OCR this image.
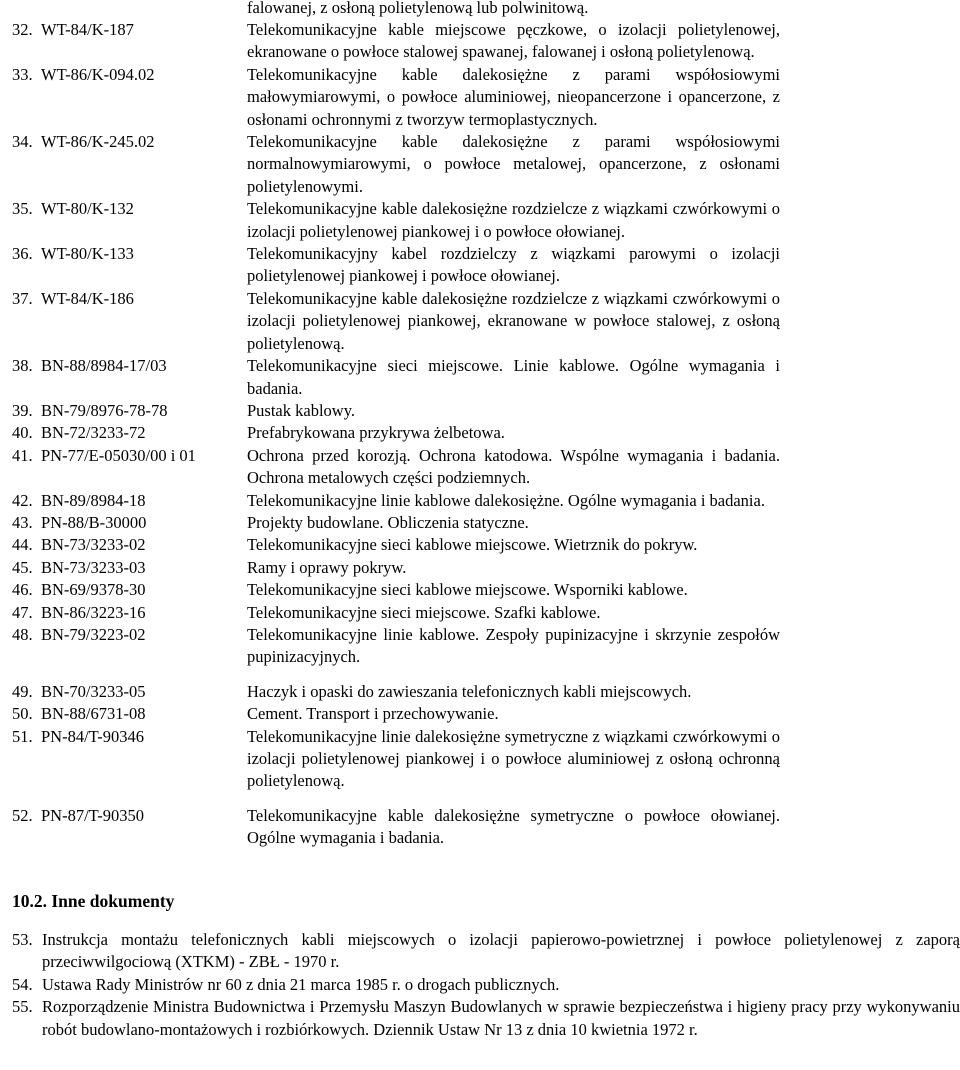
falowanej, z osłoną polietylenową lub polwinitową.
32. WT-84/K-187	Telekomunikacyjne kable miejscowe pęczkowe, o izolacji polietylenowej, ekranowane o powłoce stalowej spawanej, falowanej i osłoną polietylenową.
33. WT-86/K-094.02	Telekomunikacyjne kable dalekosiężne z parami współosiowymi małowymiarowymi, o powłoce aluminiowej, nieopancerzone i opancerzone, z osłonami ochronnymi z tworzyw termoplastycznych.
34. WT-86/K-245.02	Telekomunikacyjne kable dalekosiężne z parami współosiowymi normalnowymiarowymi, o powłoce metalowej, opancerzone, z osłonami polietylenowymi.
35. WT-80/K-132	Telekomunikacyjne kable dalekosiężne rozdzielcze z wiązkami czwórkowymi o izolacji polietylenowej piankowej i o powłoce ołowianej.
36. WT-80/K-133	Telekomunikacyjny kabel rozdzielczy z wiązkami parowymi o izolacji polietylenowej piankowej i powłoce ołowianej.
37. WT-84/K-186	Telekomunikacyjne kable dalekosiężne rozdzielcze z wiązkami czwórkowymi o izolacji polietylenowej piankowej, ekranowane w powłoce stalowej, z osłoną polietylenową.
38. BN-88/8984-17/03	Telekomunikacyjne sieci miejscowe. Linie kablowe. Ogólne wymagania i badania.
39. BN-79/8976-78-78	Pustak kablowy.
40. BN-72/3233-72	Prefabrykowana przykrywa żelbetowa.
41. PN-77/E-05030/00 i 01	Ochrona przed korozją. Ochrona katodowa. Wspólne wymagania i badania. Ochrona metalowych części podziemnych.
42. BN-89/8984-18	Telekomunikacyjne linie kablowe dalekosiężne. Ogólne wymagania i badania.
43. PN-88/B-30000	Projekty budowlane. Obliczenia statyczne.
44. BN-73/3233-02	Telekomunikacyjne sieci kablowe miejscowe. Wietrznik do pokryw.
45. BN-73/3233-03	Ramy i oprawy pokryw.
46. BN-69/9378-30	Telekomunikacyjne sieci kablowe miejscowe. Wsporniki kablowe.
47. BN-86/3223-16	Telekomunikacyjne sieci miejscowe. Szafki kablowe.
48. BN-79/3223-02	Telekomunikacyjne linie kablowe. Zespoły pupinizacyjne i skrzynie zespołów pupinizacyjnych.
49. BN-70/3233-05	Haczyk i opaski do zawieszania telefonicznych kabli miejscowych.
50. BN-88/6731-08	Cement. Transport i przechowywanie.
51. PN-84/T-90346	Telekomunikacyjne linie dalekosiężne symetryczne z wiązkami czwórkowymi o izolacji polietylenowej piankowej i o powłoce aluminiowej z osłoną ochronną polietylenową.
52. PN-87/T-90350	Telekomunikacyjne kable dalekosiężne symetryczne o powłoce ołowianej. Ogólne wymagania i badania.
10.2. Inne dokumenty
53. Instrukcja montażu telefonicznych kabli miejscowych o izolacji papierowo-powietrznej i powłoce polietylenowej z zaporą przeciwwilgociową (XTKM) - ZBŁ - 1970 r.
54. Ustawa Rady Ministrów nr 60 z dnia 21 marca 1985 r. o drogach publicznych.
55. Rozporządzenie Ministra Budownictwa i Przemysłu Maszyn Budowlanych w sprawie bezpieczeństwa i higieny pracy przy wykonywaniu robót budowlano-montażowych i rozbiórkowych. Dziennik Ustaw Nr 13 z dnia 10 kwietnia 1972 r.
